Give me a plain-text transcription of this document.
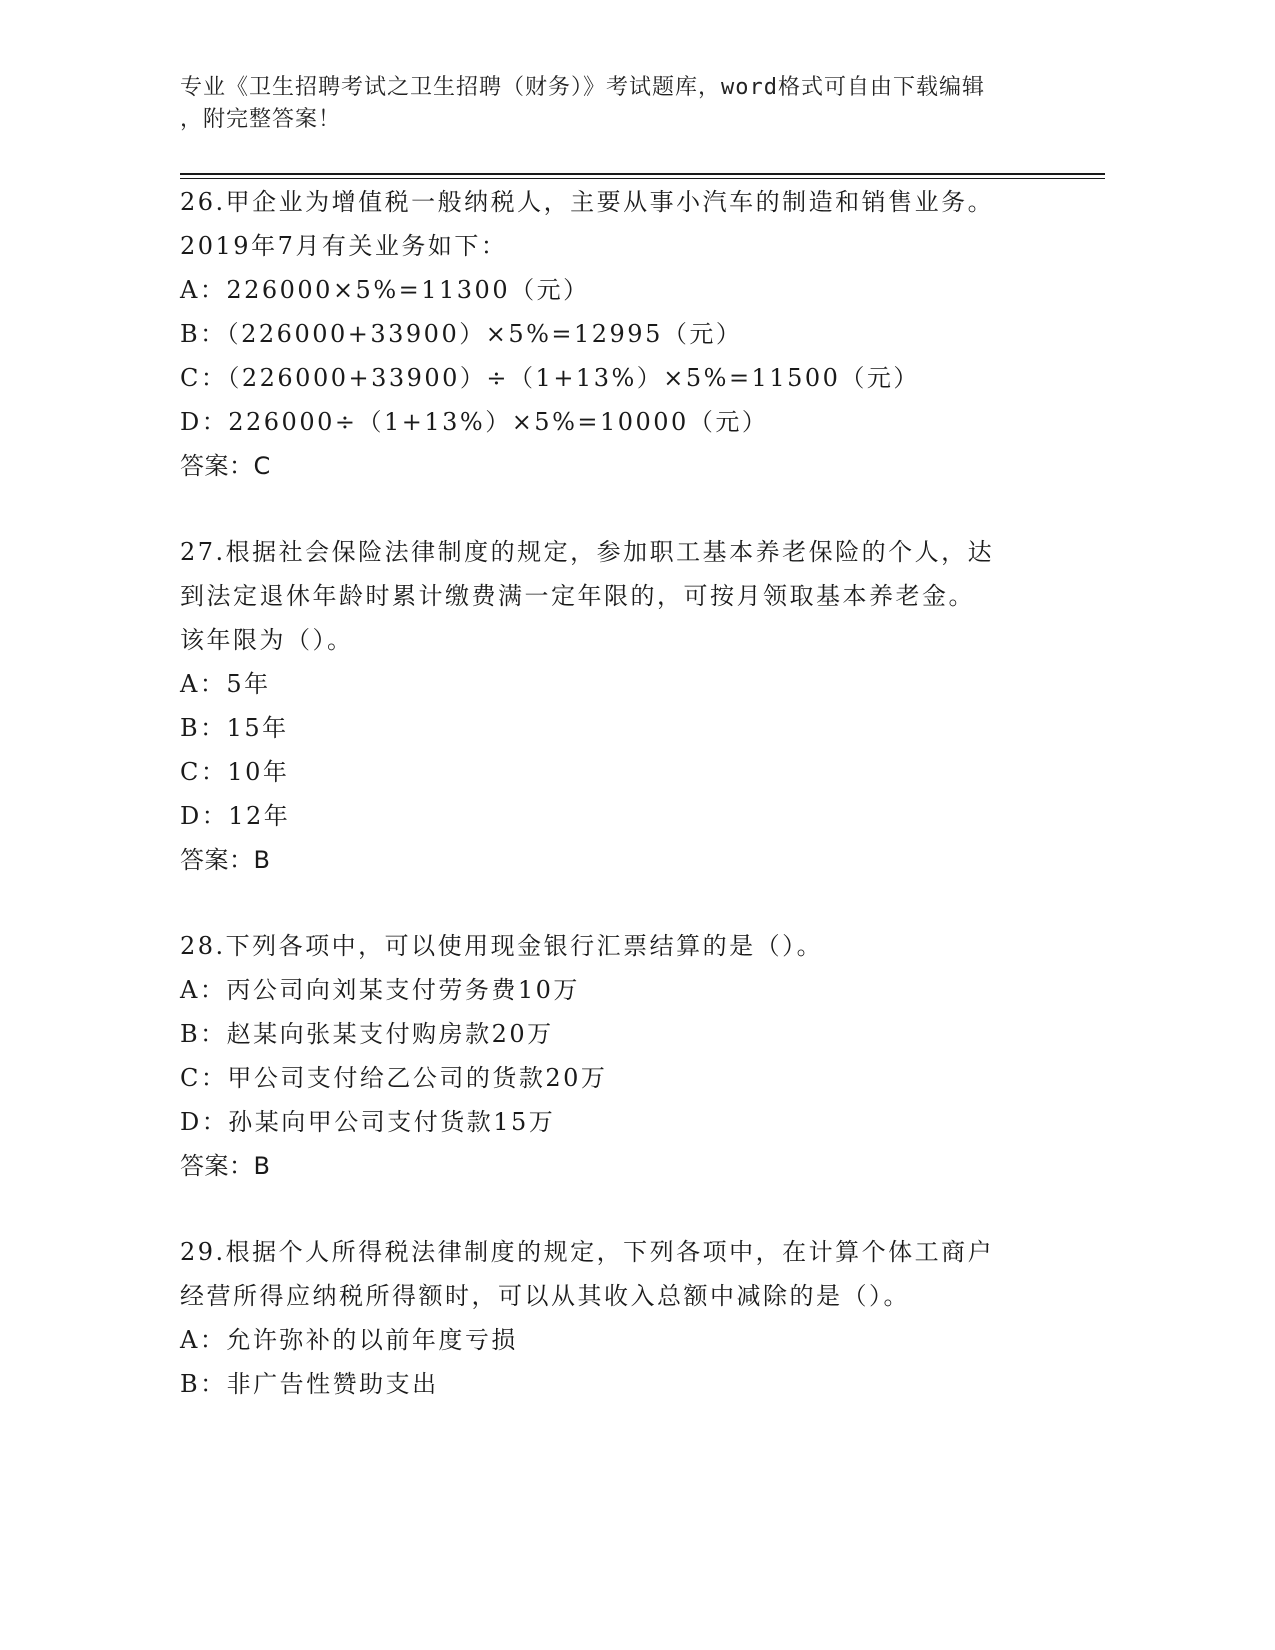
专业《卫生招聘考试之卫生招聘（财务）》考试题库，word格式可自由下载编辑
，附完整答案！
26.甲企业为增值税一般纳税人，主要从事小汽车的制造和销售业务。
2019年7月有关业务如下：
A：226000×5%=11300（元）
B：（226000+33900）×5%=12995（元）
C：（226000+33900）÷（1+13%）×5%=11500（元）
D：226000÷（1+13%）×5%=10000（元）
答案：C
27.根据社会保险法律制度的规定，参加职工基本养老保险的个人，达
到法定退休年龄时累计缴费满一定年限的，可按月领取基本养老金。
该年限为（）。
A：5年
B：15年
C：10年
D：12年
答案：B
28.下列各项中，可以使用现金银行汇票结算的是（）。
A：丙公司向刘某支付劳务费10万
B：赵某向张某支付购房款20万
C：甲公司支付给乙公司的货款20万
D：孙某向甲公司支付货款15万
答案：B
29.根据个人所得税法律制度的规定，下列各项中，在计算个体工商户
经营所得应纳税所得额时，可以从其收入总额中减除的是（）。
A：允许弥补的以前年度亏损
B：非广告性赞助支出
